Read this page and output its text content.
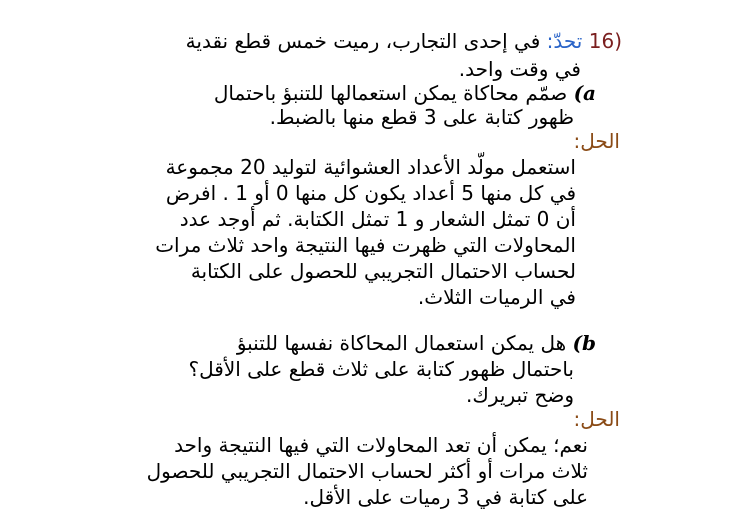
(16 تحدّ: في إحدى التجارب، رميت خمس قطع نقدية
في وقت واحد.
a) صمّم محاكاة يمكن استعمالها للتنبؤ باحتمال
ظهور كتابة على 3 قطع منها بالضبط.
الحل:
استعمل مولّد الأعداد العشوائية لتوليد 20 مجموعة
في كل منها 5 أعداد يكون كل منها 0 أو 1 . افرض
أن 0 تمثل الشعار و 1 تمثل الكتابة. ثم أوجد عدد
المحاولات التي ظهرت فيها النتيجة واحد ثلاث مرات
لحساب الاحتمال التجريبي للحصول على الكتابة
في الرميات الثلاث.
b) هل يمكن استعمال المحاكاة نفسها للتنبؤ
باحتمال ظهور كتابة على ثلاث قطع على الأقل؟
وضح تبريرك.
الحل:
نعم؛ يمكن أن تعد المحاولات التي فيها النتيجة واحد
ثلاث مرات أو أكثر لحساب الاحتمال التجريبي للحصول
على كتابة في 3 رميات على الأقل.
